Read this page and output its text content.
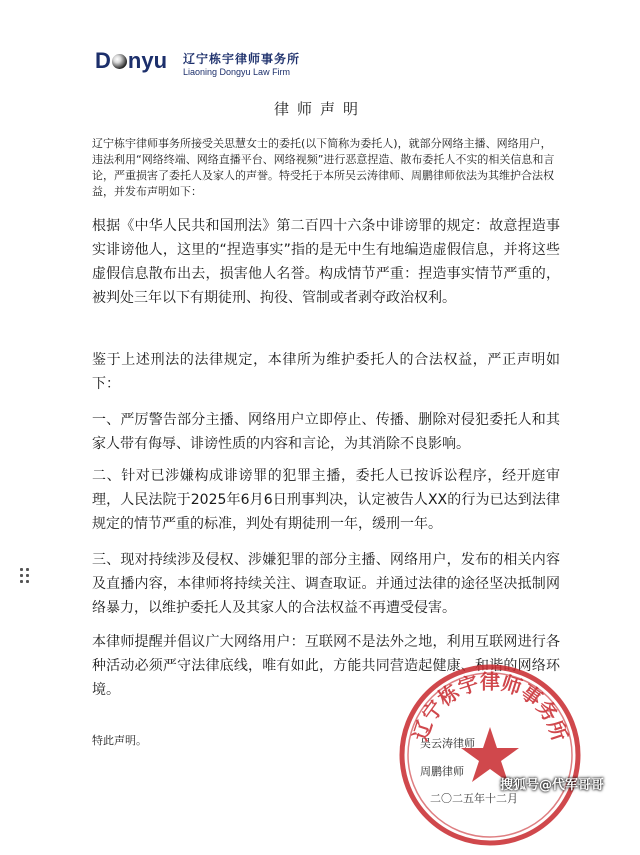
D nyu 辽宁栋宇律师事务所
Liaoning Dongyu Law Firm
律师声明
辽宁栋宇律师事务所接受关思慧女士的委托(以下简称为委托人)，就部分网络主播、网络用户，违法利用“网络终端、网络直播平台、网络视频”进行恶意捏造、散布委托人不实的相关信息和言论，严重损害了委托人及家人的声誉。特受托于本所吴云涛律师、周鹏律师依法为其维护合法权益，并发布声明如下：
根据《中华人民共和国刑法》第二百四十六条中诽谤罪的规定：故意捏造事实诽谤他人，这里的“捏造事实”指的是无中生有地编造虚假信息，并将这些虚假信息散布出去，损害他人名誉。构成情节严重：捏造事实情节严重的，被判处三年以下有期徒刑、拘役、管制或者剥夺政治权利。
鉴于上述刑法的法律规定，本律所为维护委托人的合法权益，严正声明如下：
一、严厉警告部分主播、网络用户立即停止、传播、删除对侵犯委托人和其家人带有侮辱、诽谤性质的内容和言论，为其消除不良影响。
二、针对已涉嫌构成诽谤罪的犯罪主播，委托人已按诉讼程序，经开庭审理，人民法院于2025年6月6日刑事判决，认定被告人XX的行为已达到法律规定的情节严重的标准，判处有期徒刑一年，缓刑一年。
三、现对持续涉及侵权、涉嫌犯罪的部分主播、网络用户，发布的相关内容及直播内容，本律师将持续关注、调查取证。并通过法律的途径坚决抵制网络暴力，以维护委托人及其家人的合法权益不再遭受侵害。
本律师提醒并倡议广大网络用户：互联网不是法外之地，利用互联网进行各种活动必须严守法律底线，唯有如此，方能共同营造起健康、和谐的网络环境。
特此声明。	吴云涛律师
周鹏律师
二〇二五年十二月
辽宁栋宇律师事务所
搜狐号@代军哥哥
